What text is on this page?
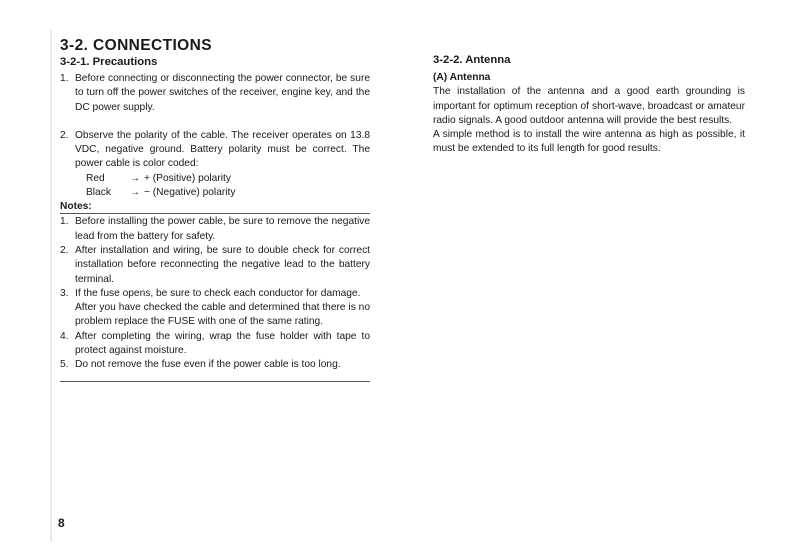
3-2. CONNECTIONS
3-2-1. Precautions
1. Before connecting or disconnecting the power connector, be sure to turn off the power switches of the receiver, engine key, and the DC power supply.
2. Observe the polarity of the cable. The receiver operates on 13.8 VDC, negative ground. Battery polarity must be correct. The power cable is color coded:
Red	→ + (Positive) polarity
Black	→ − (Negative) polarity
Notes:
1. Before installing the power cable, be sure to remove the negative lead from the battery for safety.
2. After installation and wiring, be sure to double check for correct installation before reconnecting the negative lead to the battery terminal.
3. If the fuse opens, be sure to check each conductor for damage.
After you have checked the cable and determined that there is no problem replace the FUSE with one of the same rating.
4. After completing the wiring, wrap the fuse holder with tape to protect against moisture.
5. Do not remove the fuse even if the power cable is too long.
3-2-2. Antenna
(A) Antenna

The installation of the antenna and a good earth grounding is important for optimum reception of short-wave, broadcast or amateur radio signals. A good outdoor antenna will provide the best results.

A simple method is to install the wire antenna as high as possible, it must be extended to its full length for good results.

8
